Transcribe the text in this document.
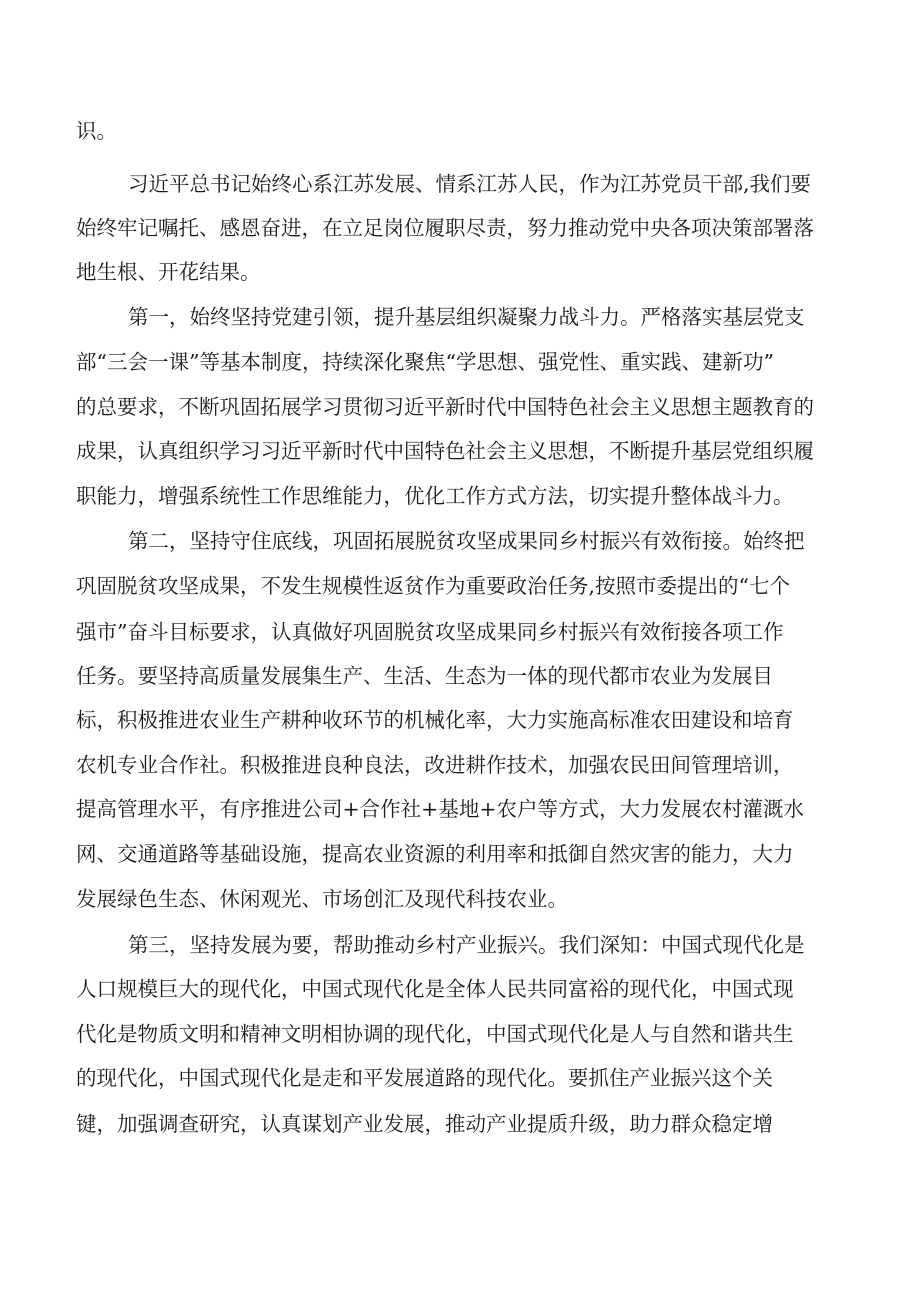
识。
习近平总书记始终心系江苏发展、情系江苏人民，作为江苏党员干部,我们要
始终牢记嘱托、感恩奋进，在立足岗位履职尽责，努力推动党中央各项决策部署落
地生根、开花结果。
第一，始终坚持党建引领，提升基层组织凝聚力战斗力。严格落实基层党支
部“三会一课”等基本制度，持续深化聚焦“学思想、强党性、重实践、建新功”
的总要求，不断巩固拓展学习贯彻习近平新时代中国特色社会主义思想主题教育的
成果，认真组织学习习近平新时代中国特色社会主义思想，不断提升基层党组织履
职能力，增强系统性工作思维能力，优化工作方式方法，切实提升整体战斗力。
第二，坚持守住底线，巩固拓展脱贫攻坚成果同乡村振兴有效衔接。始终把
巩固脱贫攻坚成果，不发生规模性返贫作为重要政治任务,按照市委提出的“七个
强市”奋斗目标要求，认真做好巩固脱贫攻坚成果同乡村振兴有效衔接各项工作
任务。要坚持高质量发展集生产、生活、生态为一体的现代都市农业为发展目
标，积极推进农业生产耕种收环节的机械化率，大力实施高标准农田建设和培育
农机专业合作社。积极推进良种良法，改进耕作技术，加强农民田间管理培训，
提高管理水平，有序推进公司+合作社+基地+农户等方式，大力发展农村灌溉水
网、交通道路等基础设施，提高农业资源的利用率和抵御自然灾害的能力，大力
发展绿色生态、休闲观光、市场创汇及现代科技农业。
第三，坚持发展为要，帮助推动乡村产业振兴。我们深知：中国式现代化是
人口规模巨大的现代化，中国式现代化是全体人民共同富裕的现代化，中国式现
代化是物质文明和精神文明相协调的现代化，中国式现代化是人与自然和谐共生
的现代化，中国式现代化是走和平发展道路的现代化。要抓住产业振兴这个关
键，加强调查研究，认真谋划产业发展，推动产业提质升级，助力群众稳定增
